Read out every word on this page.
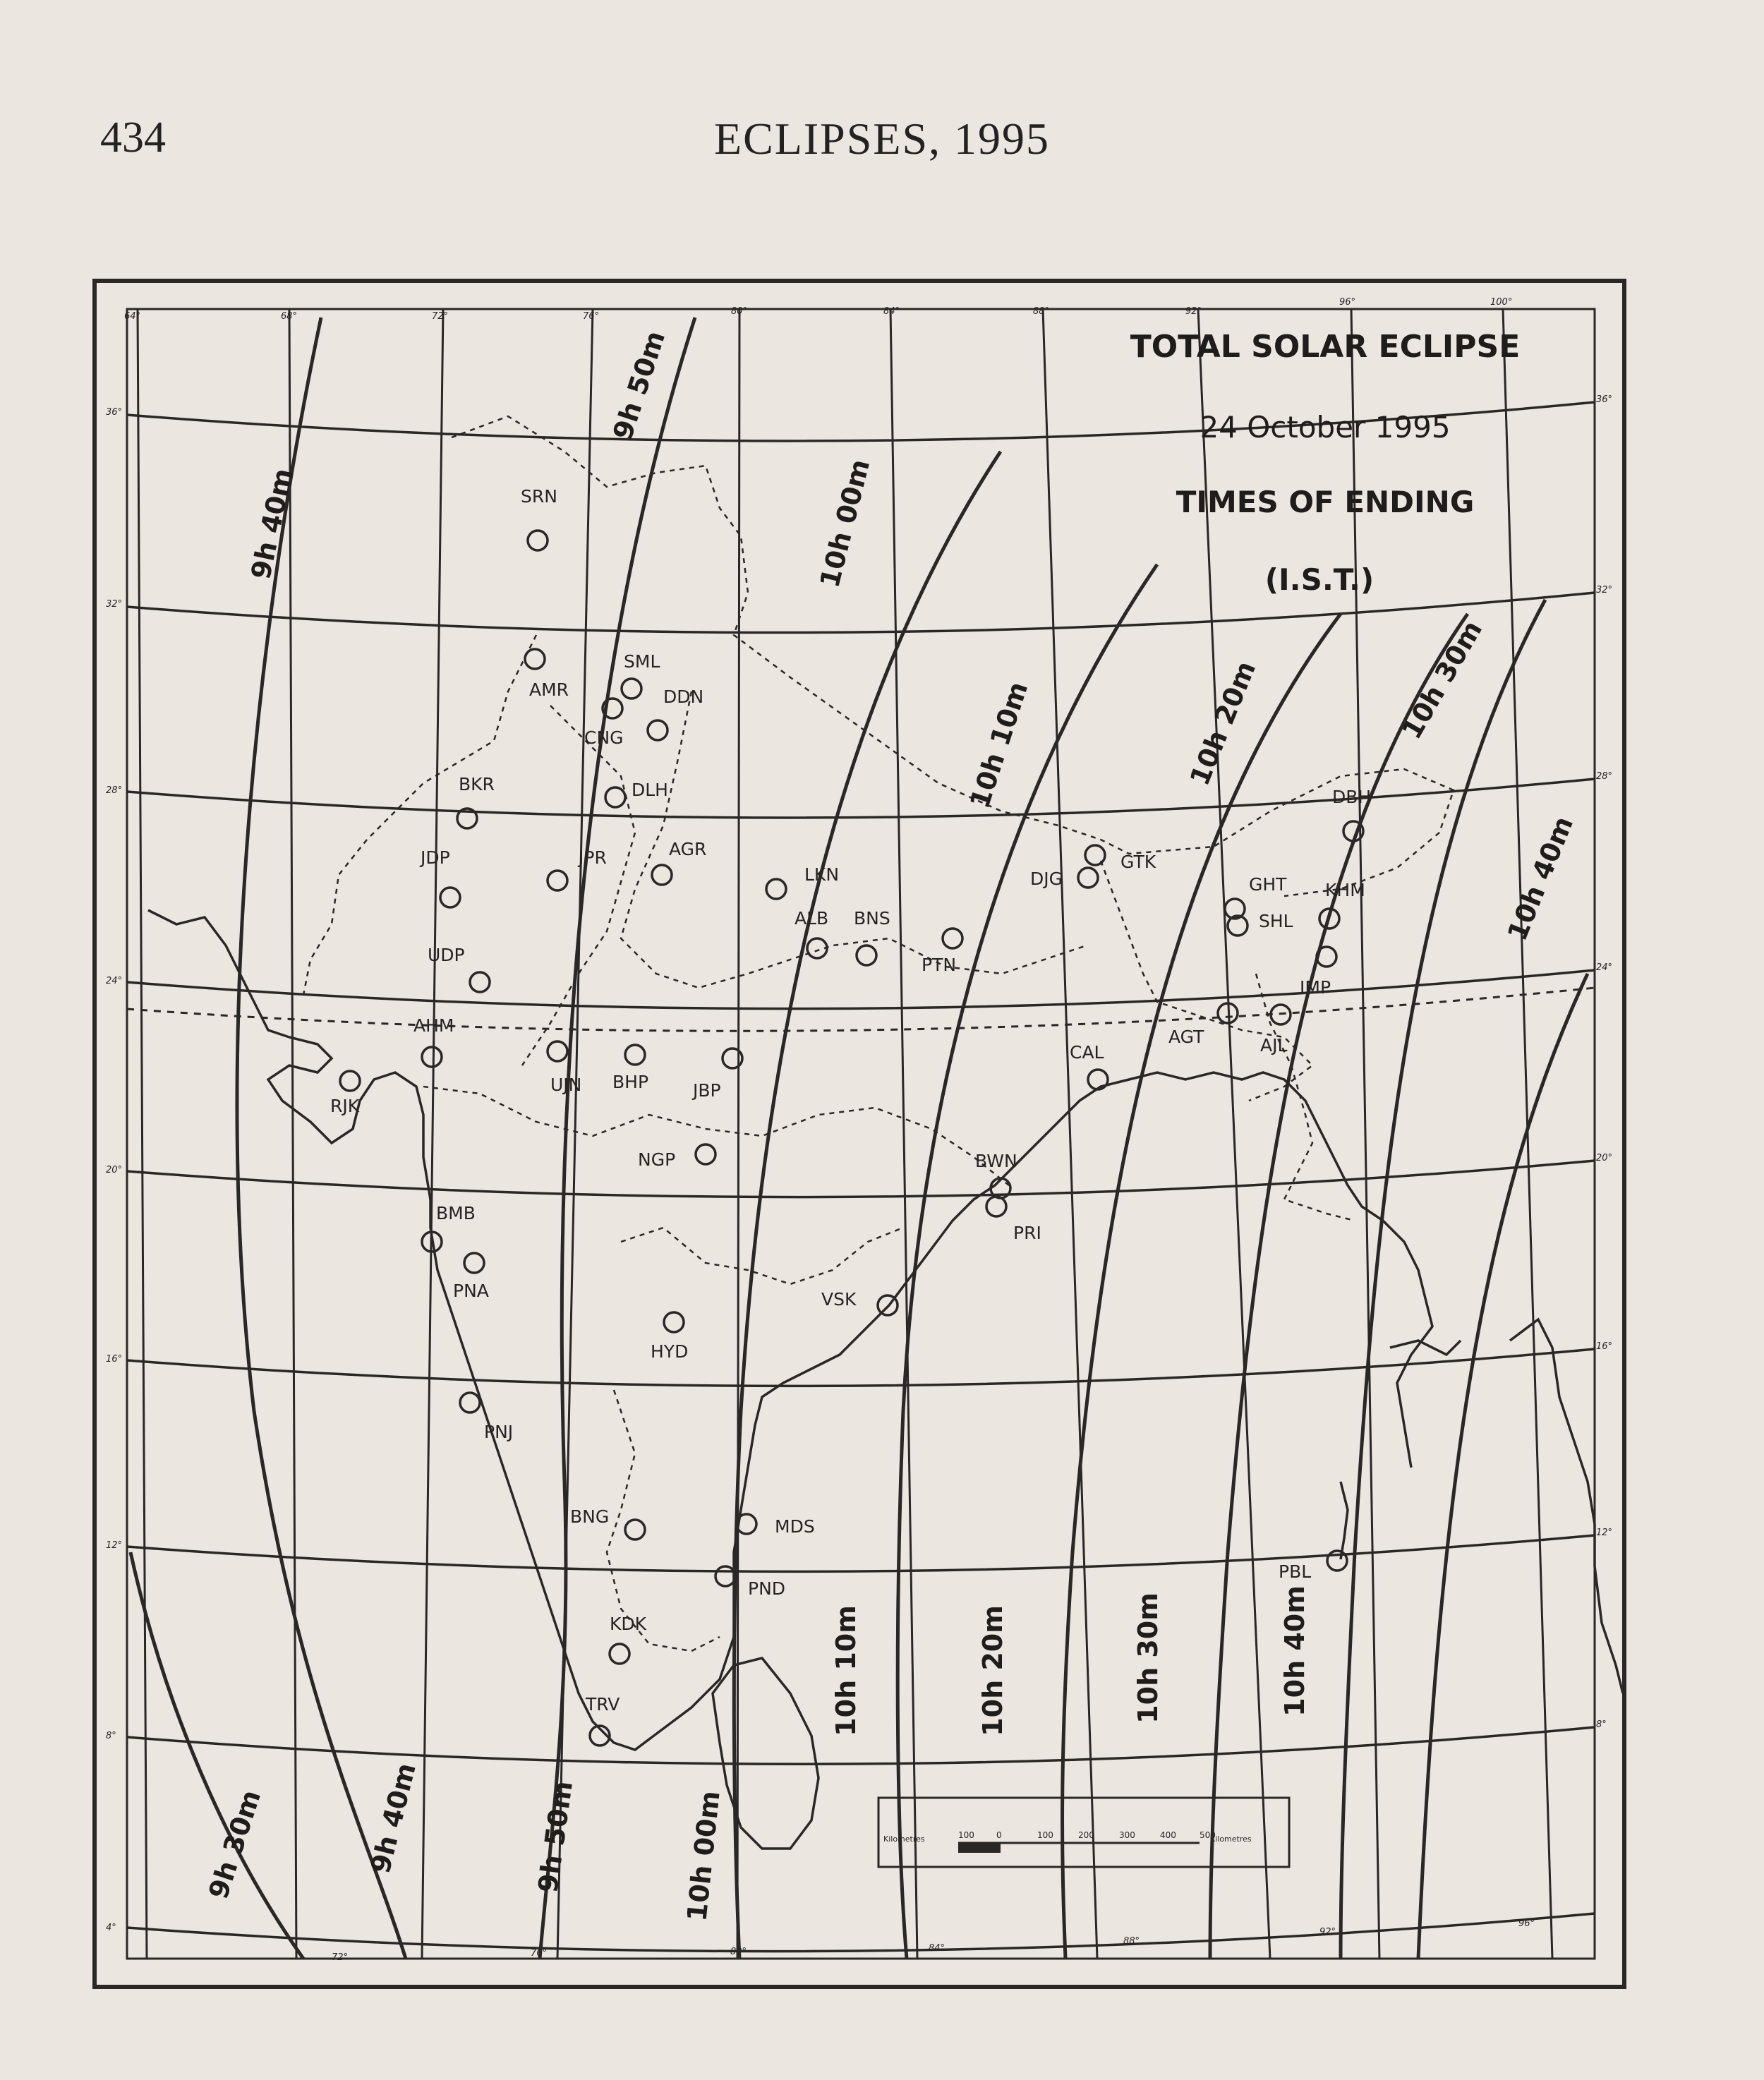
434	ECLIPSES, 1995
Kilometres	Kilometres
100	0	100	200	300	400	500
TOTAL SOLAR ECLIPSE
24 October 1995
TIMES OF ENDING
(I.S.T.)
64°	68°	72°	76°	80°	84°	88°	92°
96°	100°
72°	76°	80°	84°
88°
92°
96°
36°
32°
28°
24°
20°
16°
12°
8°
4°
36°
32°
28°
24°
20°
16°
12°
8°
9h 40m
9h 50m
10h 00m
10h 10m	10h 20m	10h 30m
10h 40m
9h 30m	9h 40m	9h 50m	10h 00m
10h 10m	10h 20m	10h 30m	10h 40m
SRN
AMR
SML
DDN
CNG
BKR	DLH
JDP	JPR	AGR
LKN
ALB BNS
PTN
GTK
DJG
DBH
GHT KHM
SHL
IMP
UDP
AHM
UJN BHP	JBP
CAL
AGT	AJL
RJK
NGP	BWN
PRI
BMB
PNA	VSK
HYD
PNJ
BNG	MDS
PND
KDK
TRV
PBL
